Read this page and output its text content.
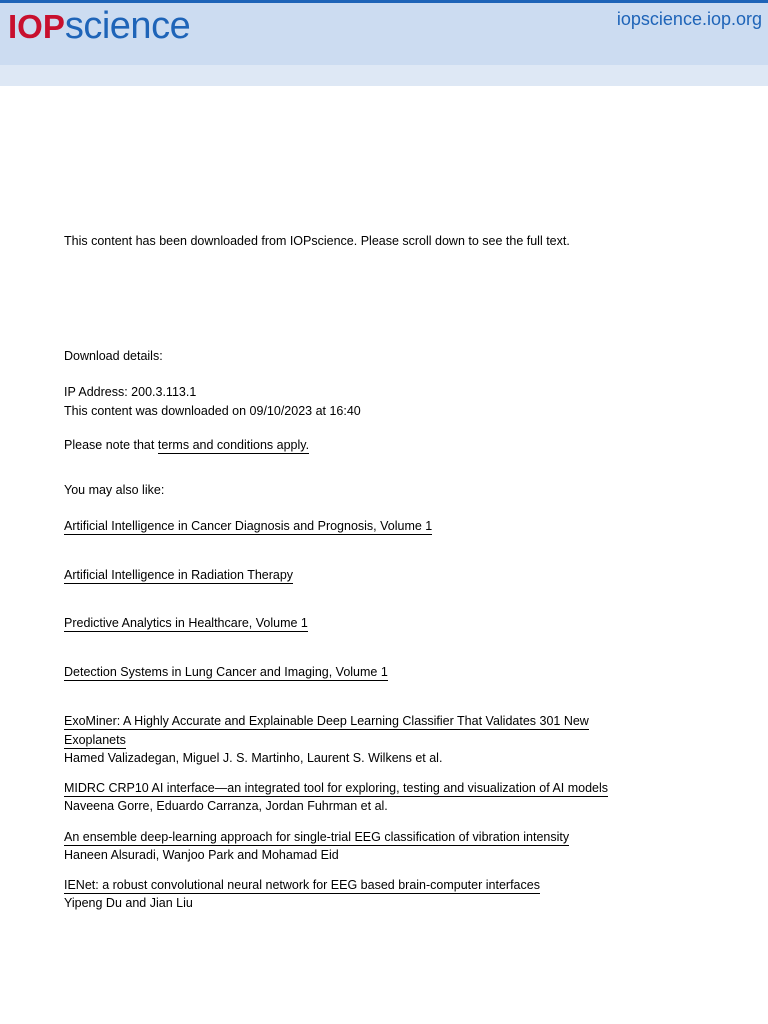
IOPscience	iopscience.iop.org
This content has been downloaded from IOPscience. Please scroll down to see the full text.
Download details:
IP Address: 200.3.113.1
This content was downloaded on 09/10/2023 at 16:40
Please note that terms and conditions apply.
You may also like:
Artificial Intelligence in Cancer Diagnosis and Prognosis, Volume 1
Artificial Intelligence in Radiation Therapy
Predictive Analytics in Healthcare, Volume 1
Detection Systems in Lung Cancer and Imaging, Volume 1
ExoMiner: A Highly Accurate and Explainable Deep Learning Classifier That Validates 301 New
Exoplanets
Hamed Valizadegan, Miguel J. S. Martinho, Laurent S. Wilkens et al.
MIDRC CRP10 AI interface—an integrated tool for exploring, testing and visualization of AI models
Naveena Gorre, Eduardo Carranza, Jordan Fuhrman et al.
An ensemble deep-learning approach for single-trial EEG classification of vibration intensity
Haneen Alsuradi, Wanjoo Park and Mohamad Eid
IENet: a robust convolutional neural network for EEG based brain-computer interfaces
Yipeng Du and Jian Liu
